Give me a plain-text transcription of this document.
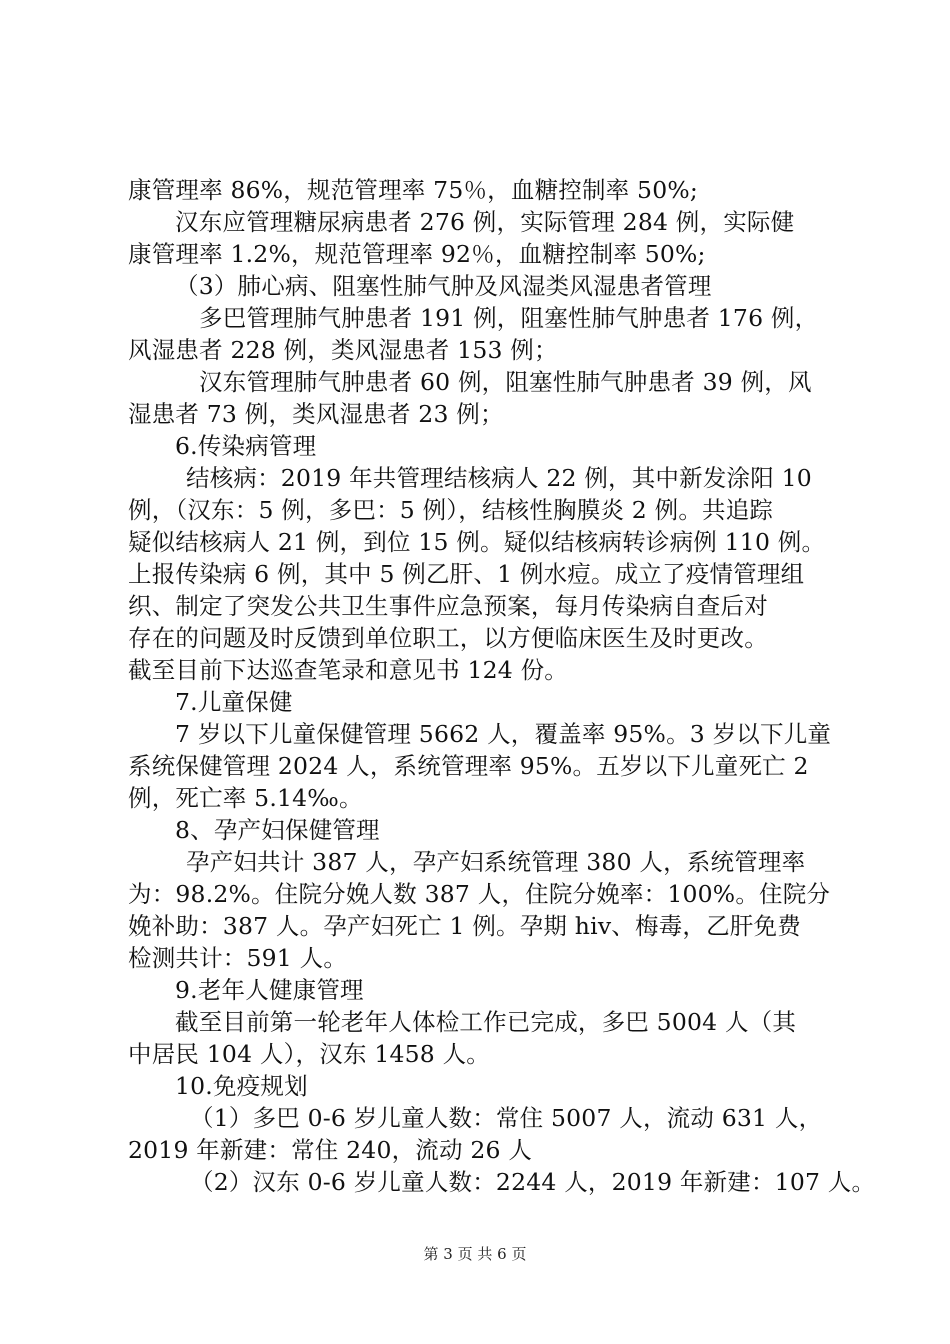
康管理率 86%，规范管理率 75％，血糖控制率 50%;
汉东应管理糖尿病患者 276 例，实际管理 284 例，实际健
康管理率 1.2%，规范管理率 92％，血糖控制率 50%;
（3）肺心病、阻塞性肺气肿及风湿类风湿患者管理
多巴管理肺气肿患者 191 例，阻塞性肺气肿患者 176 例，
风湿患者 228 例，类风湿患者 153 例；
汉东管理肺气肿患者 60 例，阻塞性肺气肿患者 39 例，风
湿患者 73 例，类风湿患者 23 例；
6.传染病管理
结核病：2019 年共管理结核病人 22 例，其中新发涂阳 10
例，（汉东：5 例，多巴：5 例），结核性胸膜炎 2 例。共追踪
疑似结核病人 21 例，到位 15 例。疑似结核病转诊病例 110 例。
上报传染病 6 例，其中 5 例乙肝、1 例水痘。成立了疫情管理组
织、制定了突发公共卫生事件应急预案，每月传染病自查后对
存在的问题及时反馈到单位职工，以方便临床医生及时更改。
截至目前下达巡查笔录和意见书 124 份。
7.儿童保健
7 岁以下儿童保健管理 5662 人，覆盖率 95%。3 岁以下儿童
系统保健管理 2024 人，系统管理率 95%。五岁以下儿童死亡 2
例，死亡率 5.14‰。
8、孕产妇保健管理
孕产妇共计 387 人，孕产妇系统管理 380 人，系统管理率
为：98.2%。住院分娩人数 387 人，住院分娩率：100%。住院分
娩补助：387 人。孕产妇死亡 1 例。孕期 hiv、梅毒，乙肝免费
检测共计：591 人。
9.老年人健康管理
截至目前第一轮老年人体检工作已完成，多巴 5004 人（其
中居民 104 人），汉东 1458 人。
10.免疫规划
（1）多巴 0-6 岁儿童人数：常住 5007 人，流动 631 人，
2019 年新建：常住 240，流动 26 人
（2）汉东 0-6 岁儿童人数：2244 人，2019 年新建：107 人。
第 3 页 共 6 页
